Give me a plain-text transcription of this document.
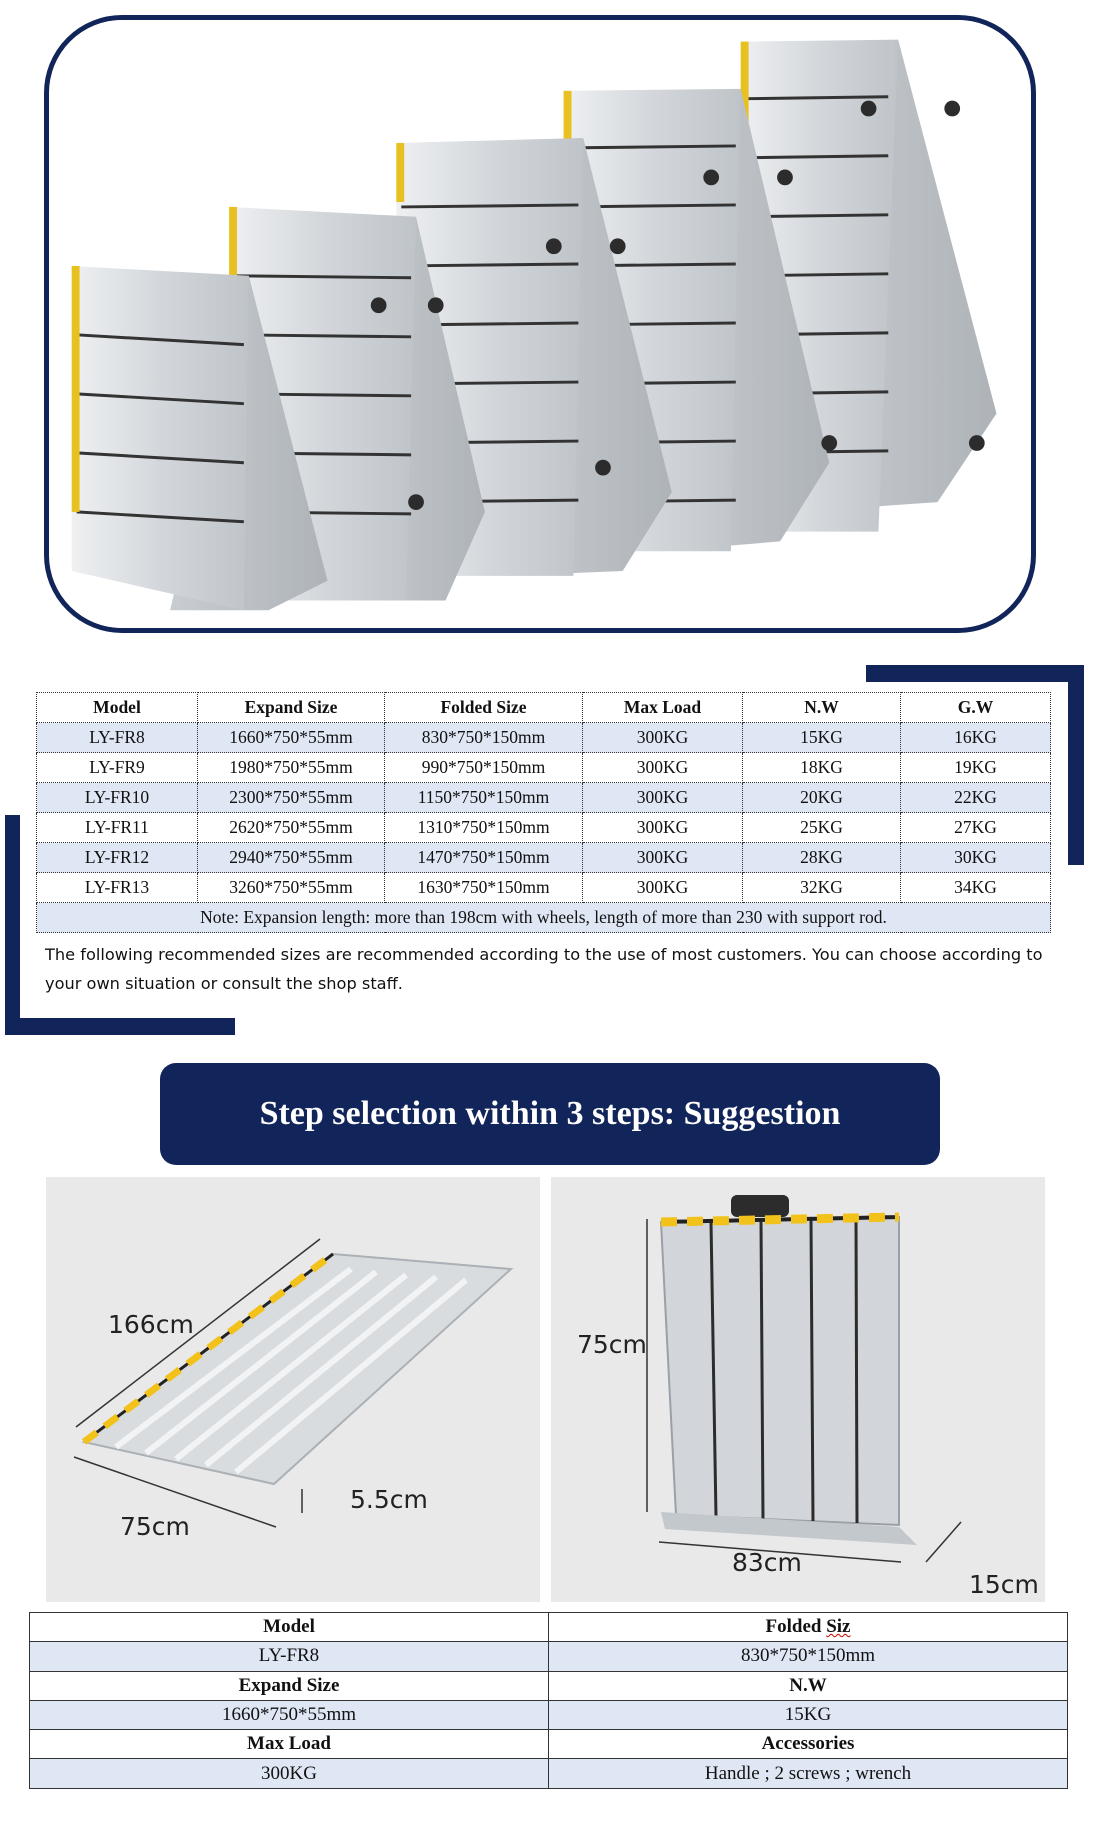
Model	Expand Size	Folded Size	Max Load	N.W	G.W
LY-FR8	1660*750*55mm	830*750*150mm	300KG	15KG	16KG
LY-FR9	1980*750*55mm	990*750*150mm	300KG	18KG	19KG
LY-FR10	2300*750*55mm	1150*750*150mm	300KG	20KG	22KG
LY-FR11	2620*750*55mm	1310*750*150mm	300KG	25KG	27KG
LY-FR12	2940*750*55mm	1470*750*150mm	300KG	28KG	30KG
LY-FR13	3260*750*55mm	1630*750*150mm	300KG	32KG	34KG
Note: Expansion length: more than 198cm with wheels, length of more than 230 with support rod.					

The following recommended sizes are recommended according to the use of most customers. You can choose according to your own situation or consult the shop staff.

Step selection within 3 steps: Suggestion
166cm
75cm
5.5cm
75cm
83cm
15cm
Model	Folded Siz
LY-FR8	830*750*150mm
Expand Size	N.W
1660*750*55mm	15KG
Max Load	Accessories
300KG	Handle ; 2 screws ; wrench
